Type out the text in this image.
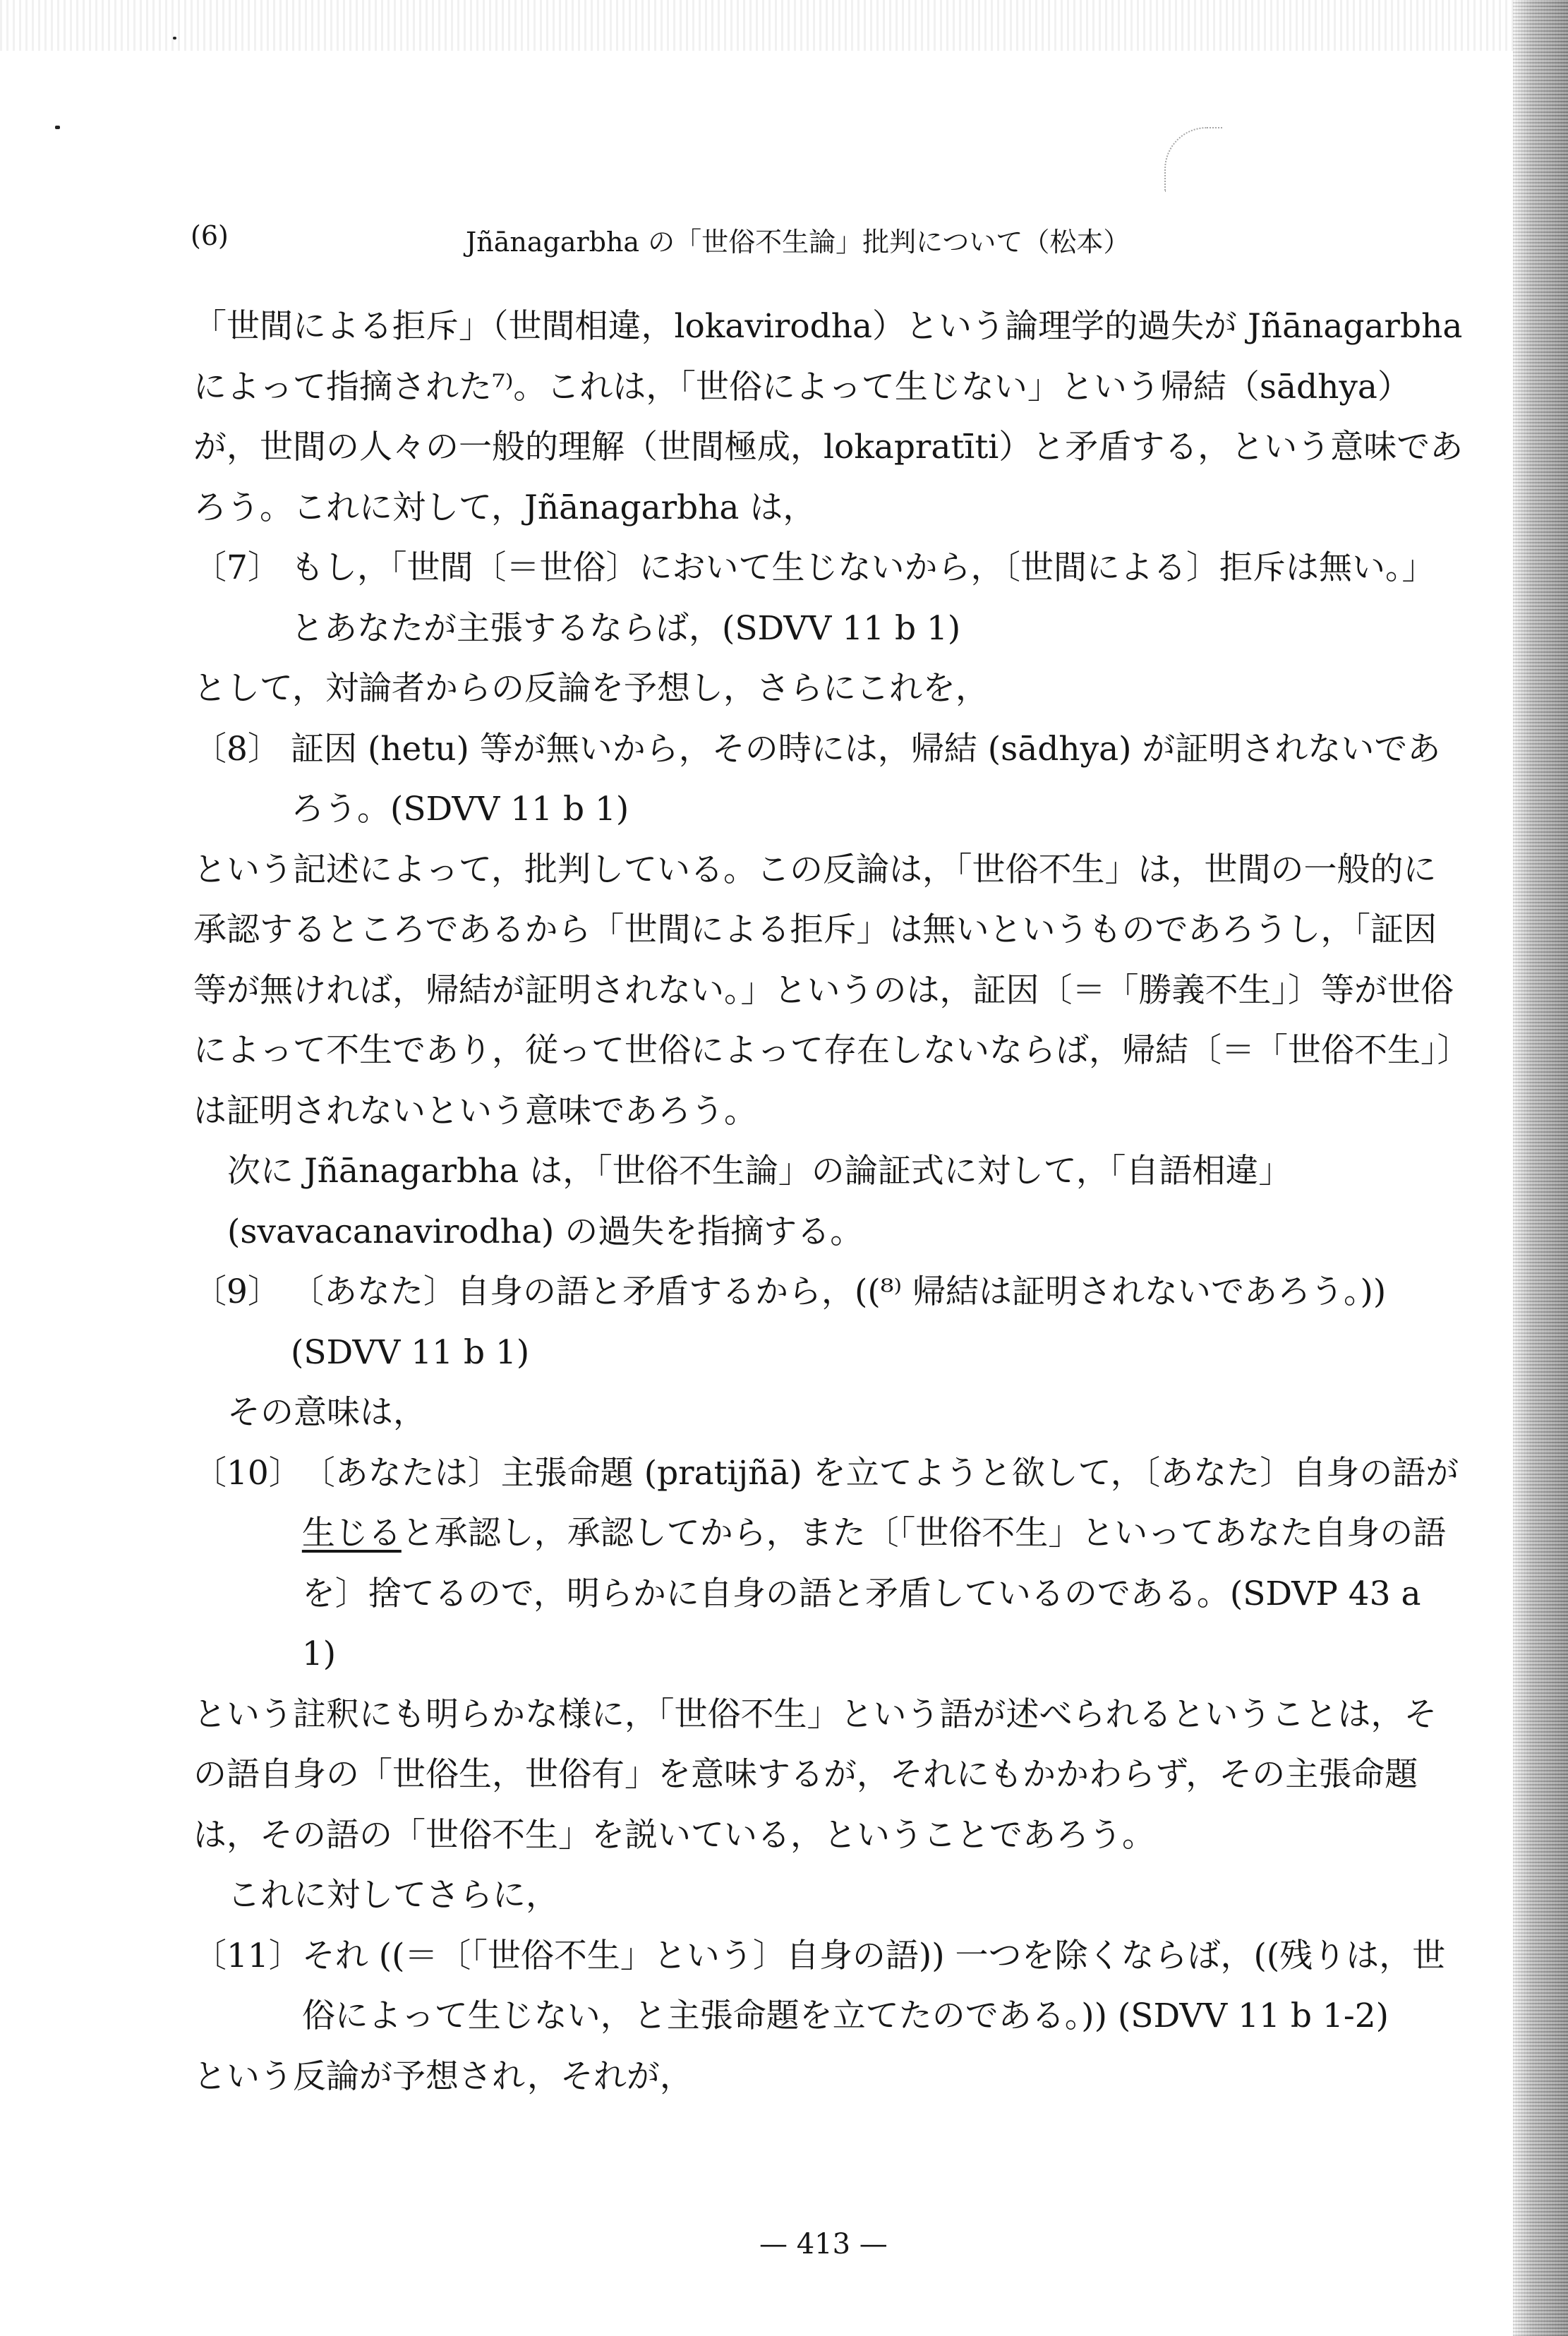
(6)	Jñānagarbha の「世俗不生論」批判について（松本）
「世間による拒斥」（世間相違，lokavirodha）という論理学的過失が Jñānagarbha によって指摘された⁷⁾。これは，「世俗によって生じない」という帰結（sādhya）が，世間の人々の一般的理解（世間極成，lokapratīti）と矛盾する，という意味であろう。これに対して，Jñānagarbha は，
〔7〕 もし，「世間〔＝世俗〕において生じないから，〔世間による〕拒斥は無い。」とあなたが主張するならば，(SDVV 11 b 1)
として，対論者からの反論を予想し，さらにこれを，
〔8〕 証因 (hetu) 等が無いから，その時には，帰結 (sādhya) が証明されないであろう。(SDVV 11 b 1)
という記述によって，批判している。この反論は，「世俗不生」は，世間の一般的に承認するところであるから「世間による拒斥」は無いというものであろうし，「証因等が無ければ，帰結が証明されない。」というのは，証因〔＝「勝義不生」〕等が世俗によって不生であり，従って世俗によって存在しないならば，帰結〔＝「世俗不生」〕は証明されないという意味であろう。
次に Jñānagarbha は，「世俗不生論」の論証式に対して，「自語相違」(svavacanavirodha) の過失を指摘する。
〔9〕 〔あなた〕自身の語と矛盾するから，((⁸⁾ 帰結は証明されないであろう。)) (SDVV 11 b 1)
その意味は，
〔10〕 〔あなたは〕主張命題 (pratijñā) を立てようと欲して，〔あなた〕自身の語が生じると承認し，承認してから，また〔「世俗不生」といってあなた自身の語を〕捨てるので，明らかに自身の語と矛盾しているのである。(SDVP 43 a 1)
という註釈にも明らかな様に，「世俗不生」という語が述べられるということは，その語自身の「世俗生，世俗有」を意味するが，それにもかかわらず，その主張命題は，その語の「世俗不生」を説いている，ということであろう。
これに対してさらに，
〔11〕 それ ((＝〔「世俗不生」という〕自身の語)) 一つを除くならば，((残りは，世俗によって生じない，と主張命題を立てたのである。)) (SDVV 11 b 1-2)
という反論が予想され，それが，
— 413 —
